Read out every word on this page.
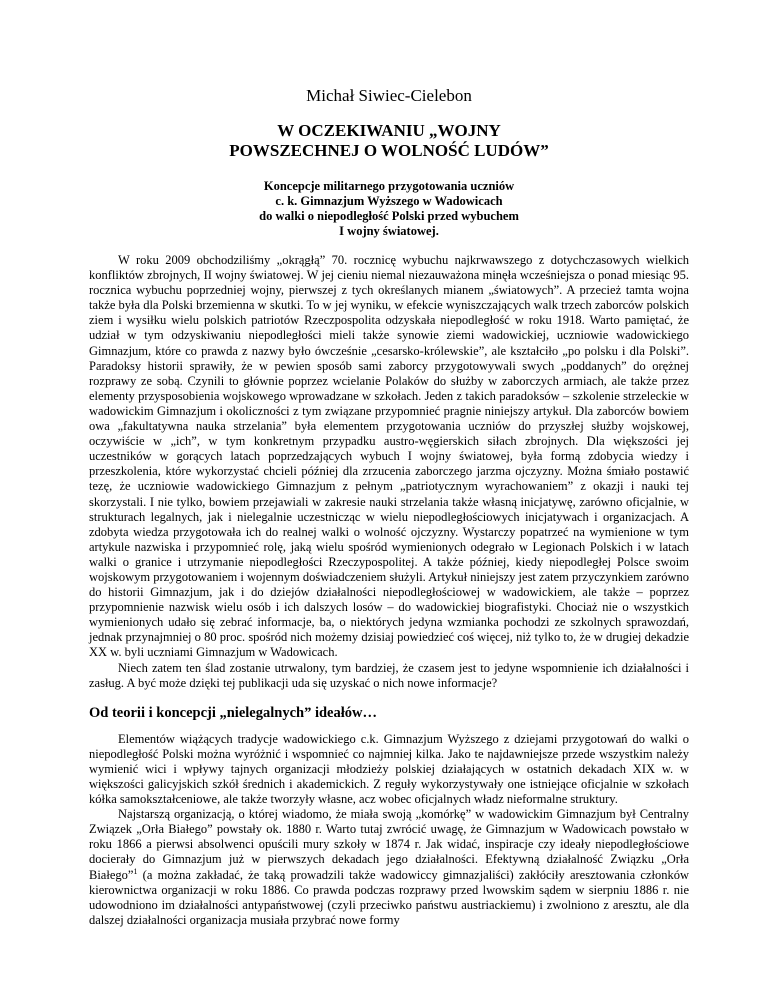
Michał Siwiec-Cielebon
W OCZEKIWANIU „WOJNY
POWSZECHNEJ O WOLNOŚĆ LUDÓW”
Koncepcje militarnego przygotowania uczniów
c. k. Gimnazjum Wyższego w Wadowicach
do walki o niepodległość Polski przed wybuchem
I wojny światowej.

W roku 2009 obchodziliśmy „okrągłą” 70. rocznicę wybuchu najkrwawszego z dotychczasowych wielkich konfliktów zbrojnych, II wojny światowej. W jej cieniu niemal niezauważona minęła wcześniejsza o ponad miesiąc 95. rocznica wybuchu poprzedniej wojny, pierwszej z tych określanych mianem „światowych”. A przecież tamta wojna także była dla Polski brzemienna w skutki. To w jej wyniku, w efekcie wyniszczających walk trzech zaborców polskich ziem i wysiłku wielu polskich patriotów Rzeczpospolita odzyskała niepodległość w roku 1918. Warto pamiętać, że udział w tym odzyskiwaniu niepodległości mieli także synowie ziemi wadowickiej, uczniowie wadowickiego Gimnazjum, które co prawda z nazwy było ówcześnie „cesarsko-królewskie”, ale kształciło „po polsku i dla Polski”. Paradoksy historii sprawiły, że w pewien sposób sami zaborcy przygotowywali swych „poddanych” do orężnej rozprawy ze sobą. Czynili to głównie poprzez wcielanie Polaków do służby w zaborczych armiach, ale także przez elementy przysposobienia wojskowego wprowadzane w szkołach. Jeden z takich paradoksów – szkolenie strzeleckie w wadowickim Gimnazjum i okoliczności z tym związane przypomnieć pragnie niniejszy artykuł. Dla zaborców bowiem owa „fakultatywna nauka strzelania” była elementem przygotowania uczniów do przyszłej służby wojskowej, oczywiście w „ich”, w tym konkretnym przypadku austro-węgierskich siłach zbrojnych. Dla większości jej uczestników w gorących latach poprzedzających wybuch I wojny światowej, była formą zdobycia wiedzy i przeszkolenia, które wykorzystać chcieli później dla zrzucenia zaborczego jarzma ojczyzny. Można śmiało postawić tezę, że uczniowie wadowickiego Gimnazjum z pełnym „patriotycznym wyrachowaniem” z okazji i nauki tej skorzystali. I nie tylko, bowiem przejawiali w zakresie nauki strzelania także własną inicjatywę, zarówno oficjalnie, w strukturach legalnych, jak i nielegalnie uczestnicząc w wielu niepodległościowych inicjatywach i organizacjach. A zdobyta wiedza przygotowała ich do realnej walki o wolność ojczyzny. Wystarczy popatrzeć na wymienione w tym artykule nazwiska i przypomnieć rolę, jaką wielu spośród wymienionych odegrało w Legionach Polskich i w latach walki o granice i utrzymanie niepodległości Rzeczypospolitej. A także później, kiedy niepodległej Polsce swoim wojskowym przygotowaniem i wojennym doświadczeniem służyli. Artykuł niniejszy jest zatem przyczynkiem zarówno do historii Gimnazjum, jak i do dziejów działalności niepodległościowej w wadowickiem, ale także – poprzez przypomnienie nazwisk wielu osób i ich dalszych losów – do wadowickiej biografistyki. Chociaż nie o wszystkich wymienionych udało się zebrać informacje, ba, o niektórych jedyna wzmianka pochodzi ze szkolnych sprawozdań, jednak przynajmniej o 80 proc. spośród nich możemy dzisiaj powiedzieć coś więcej, niż tylko to, że w drugiej dekadzie XX w. byli uczniami Gimnazjum w Wadowicach.

Niech zatem ten ślad zostanie utrwalony, tym bardziej, że czasem jest to jedyne wspomnienie ich działalności i zasług. A być może dzięki tej publikacji uda się uzyskać o nich nowe informacje?

Od teorii i koncepcji „nielegalnych” ideałów…

Elementów wiążących tradycje wadowickiego c.k. Gimnazjum Wyższego z dziejami przygotowań do walki o niepodległość Polski można wyróżnić i wspomnieć co najmniej kilka. Jako te najdawniejsze przede wszystkim należy wymienić wici i wpływy tajnych organizacji młodzieży polskiej działających w ostatnich dekadach XIX w. w większości galicyjskich szkół średnich i akademickich. Z reguły wykorzystywały one istniejące oficjalnie w szkołach kółka samokształceniowe, ale także tworzyły własne, acz wobec oficjalnych władz nieformalne struktury.

Najstarszą organizacją, o której wiadomo, że miała swoją „komórkę” w wadowickim Gimnazjum był Centralny Związek „Orła Białego” powstały ok. 1880 r. Warto tutaj zwrócić uwagę, że Gimnazjum w Wadowicach powstało w roku 1866 a pierwsi absolwenci opuścili mury szkoły w 1874 r. Jak widać, inspiracje czy ideały niepodległościowe docierały do Gimnazjum już w pierwszych dekadach jego działalności. Efektywną działalność Związku „Orła Białego”$^1$ (a można zakładać, że taką prowadzili także wadowiccy gimnazjaliści) zakłóciły aresztowania członków kierownictwa organizacji w roku 1886. Co prawda podczas rozprawy przed lwowskim sądem w sierpniu 1886 r. nie udowodniono im działalności antypaństwowej (czyli przeciwko państwu austriackiemu) i zwolniono z aresztu, ale dla dalszej działalności organizacja musiała przybrać nowe formy
